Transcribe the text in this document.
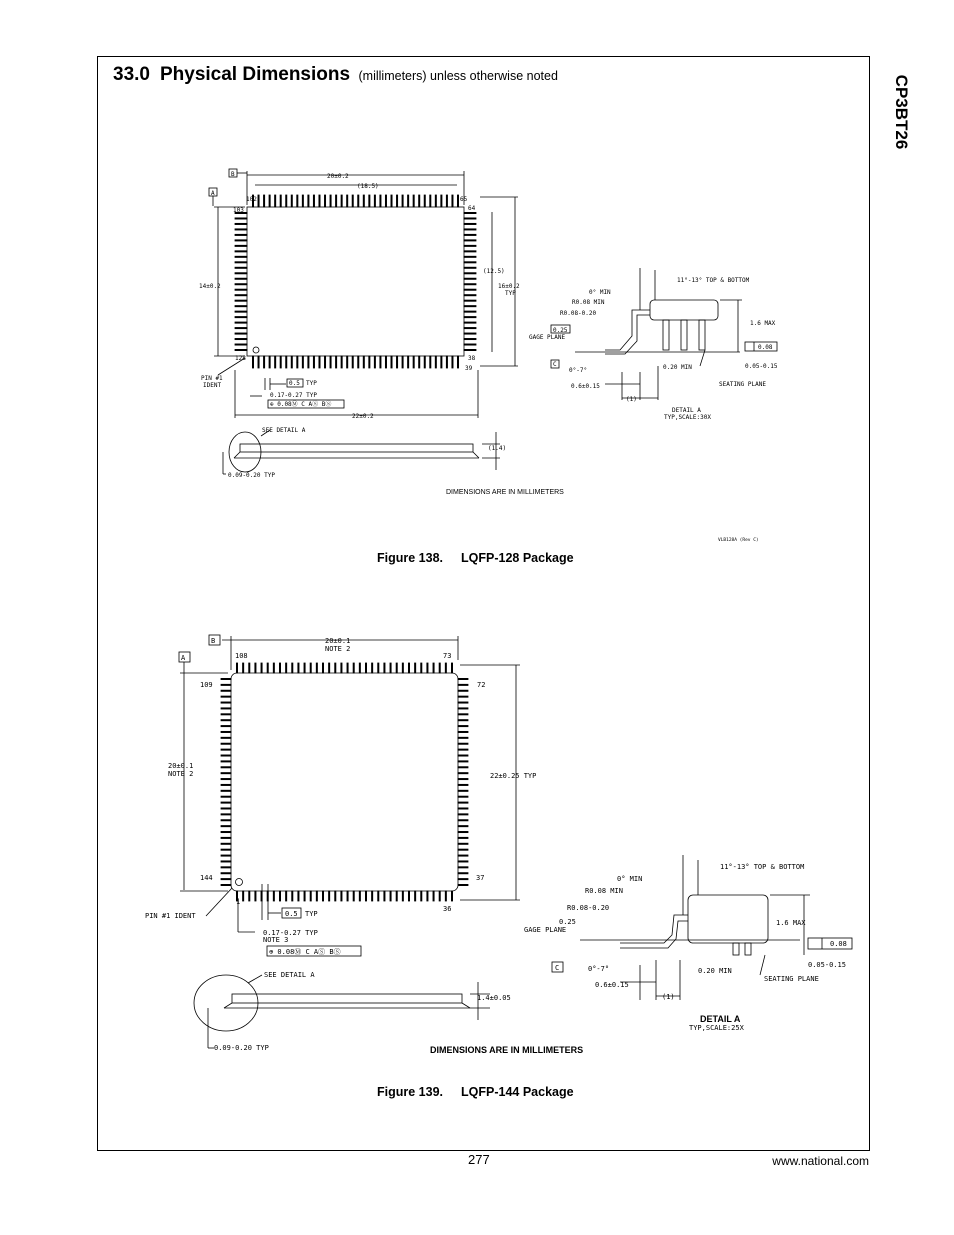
33.0 Physical Dimensions (millimeters) unless otherwise noted	CP3BT26
B
A
20±0.2
(18.5)
14±0.2
(12.5)
16±0.2
TYP
102
103	64
65
128	38
39
PIN #1
IDENT	0.5 TYP
0.17-0.27 TYP
⊕ 0.08Ⓜ C AⓈ BⓈ
22±0.2
SEE DETAIL A
(1.4)
0.09-0.20 TYP
DIMENSIONS ARE IN MILLIMETERS
VLB128A (Rev C)
11°-13° TOP & BOTTOM
0° MIN
R0.08 MIN
R0.08-0.20
0.25
GAGE PLANE
C
0°-7°
0.6±0.15
0.20 MIN
SEATING PLANE
1.6 MAX
0.05-0.15
0.08
(1)
DETAIL A
TYP,SCALE:30X
B
A
20±0.1
NOTE 2
108	73
109	72
20±0.1
NOTE 2	22±0.25 TYP
144	37
1
36
PIN #1 IDENT	0.5 TYP
0.17-0.27 TYP
NOTE 3
⊕ 0.08Ⓜ C AⓈ BⓈ
SEE DETAIL A
1.4±0.05
0.09-0.20 TYP	DIMENSIONS ARE IN MILLIMETERS
11°-13° TOP & BOTTOM
0° MIN
R0.08 MIN
R0.08-0.20
0.25
GAGE PLANE
C	0°-7°
0.6±0.15
0.20 MIN
SEATING PLANE
1.6 MAX
0.05-0.15
0.08
(1)
DETAIL A
TYP,SCALE:25X
Figure 138. LQFP-128 Package
Figure 139. LQFP-144 Package
277	www.national.com
